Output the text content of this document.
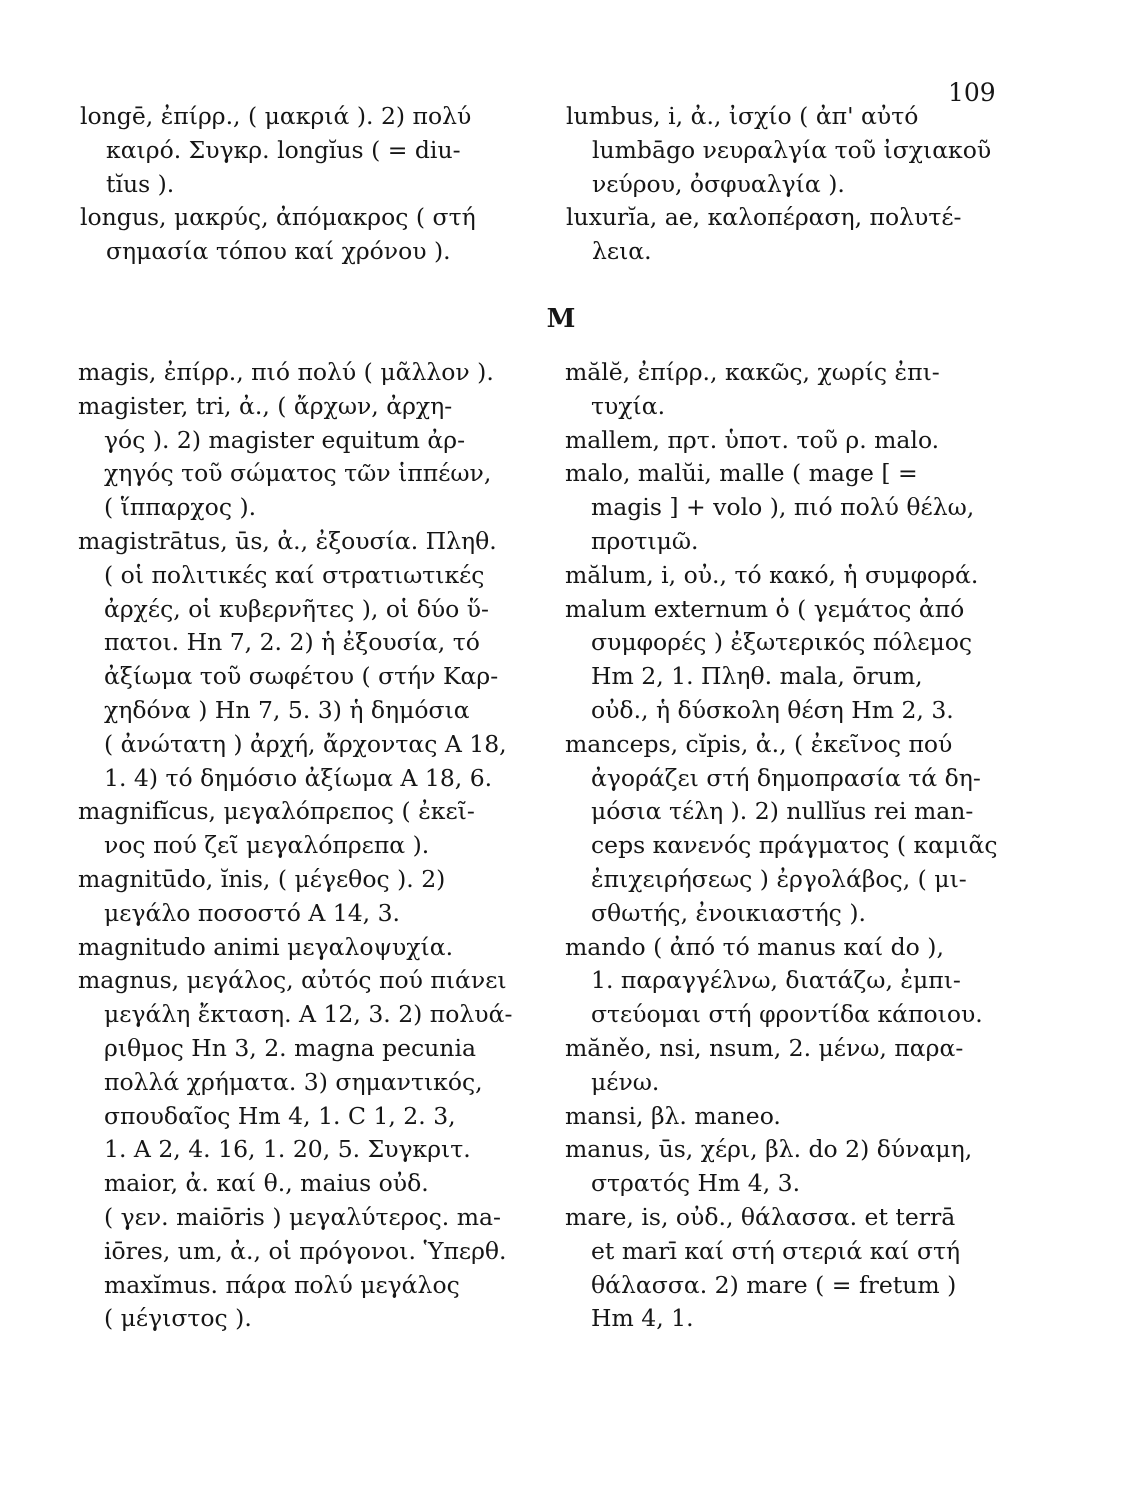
109
longē, ἐπίρρ., ( μακριά ). 2) πολύ
καιρό. Συγκρ. longĭus ( = diu-
tĭus ).
longus, μακρύς, ἀπόμακρος ( στή
σημασία τόπου καί χρόνου ).
lumbus, i, ἀ., ἰσχίο ( ἀπ' αὐτό
lumbāgo νευραλγία τοῦ ἰσχιακοῦ
νεύρου, ὀσφυαλγία ).
luxurĭa, ae, καλοπέραση, πολυτέ-
λεια.
M
magis, ἐπίρρ., πιό πολύ ( μᾶλλον ).
magister, tri, ἀ., ( ἄρχων, ἀρχη-
γός ). 2) magister equitum ἀρ-
χηγός τοῦ σώματος τῶν ἱππέων,
( ἵππαρχος ).
magistrātus, ūs, ἀ., ἐξουσία. Πληθ.
( οἱ πολιτικές καί στρατιωτικές
ἀρχές, οἱ κυβερνῆτες ), οἱ δύο ὕ-
πατοι. Hn 7, 2. 2) ἡ ἐξουσία, τό
ἀξίωμα τοῦ σωφέτου ( στήν Καρ-
χηδόνα ) Hn 7, 5. 3) ἡ δημόσια
( ἀνώτατη ) ἀρχή, ἄρχοντας A 18,
1. 4) τό δημόσιο ἀξίωμα A 18, 6.
magnifĭcus, μεγαλόπρεπος ( ἐκεῖ-
νος πού ζεῖ μεγαλόπρεπα ).
magnitūdo, ĭnis, ( μέγεθος ). 2)
μεγάλο ποσοστό A 14, 3.
magnitudo animi μεγαλοψυχία.
magnus, μεγάλος, αὐτός πού πιάνει
μεγάλη ἔκταση. A 12, 3. 2) πολυά-
ριθμος Hn 3, 2. magna pecunia
πολλά χρήματα. 3) σημαντικός,
σπουδαῖος Hm 4, 1. C 1, 2. 3,
1. A 2, 4. 16, 1. 20, 5. Συγκριτ.
maior, ἀ. καί θ., maius οὐδ.
( γεν. maiōris ) μεγαλύτερος. ma-
iōres, um, ἀ., οἱ πρόγονοι. Ὑπερθ.
maxĭmus. πάρα πολύ μεγάλος
( μέγιστος ).
mălĕ, ἐπίρρ., κακῶς, χωρίς ἐπι-
τυχία.
mallem, πρτ. ὑποτ. τοῦ ρ. malo.
malo, malŭi, malle ( mage [ =
magis ] + volo ), πιό πολύ θέλω,
προτιμῶ.
mălum, i, οὐ., τό κακό, ἡ συμφορά.
malum externum ὁ ( γεμάτος ἀπό
συμφορές ) ἐξωτερικός πόλεμος
Hm 2, 1. Πληθ. mala, ōrum,
οὐδ., ἡ δύσκολη θέση Hm 2, 3.
manceps, cĭpis, ἀ., ( ἐκεῖνος πού
ἀγοράζει στή δημοπρασία τά δη-
μόσια τέλη ). 2) nullĭus rei man-
ceps κανενός πράγματος ( καμιᾶς
ἐπιχειρήσεως ) ἐργολάβος, ( μι-
σθωτής, ἐνοικιαστής ).
mando ( ἀπό τό manus καί do ),
1. παραγγέλνω, διατάζω, ἐμπι-
στεύομαι στή φροντίδα κάποιου.
măněo, nsi, nsum, 2. μένω, παρα-
μένω.
mansi, βλ. maneo.
manus, ūs, χέρι, βλ. do 2) δύναμη,
στρατός Hm 4, 3.
mare, is, οὐδ., θάλασσα. et terrā
et marī καί στή στεριά καί στή
θάλασσα. 2) mare ( = fretum )
Hm 4, 1.
